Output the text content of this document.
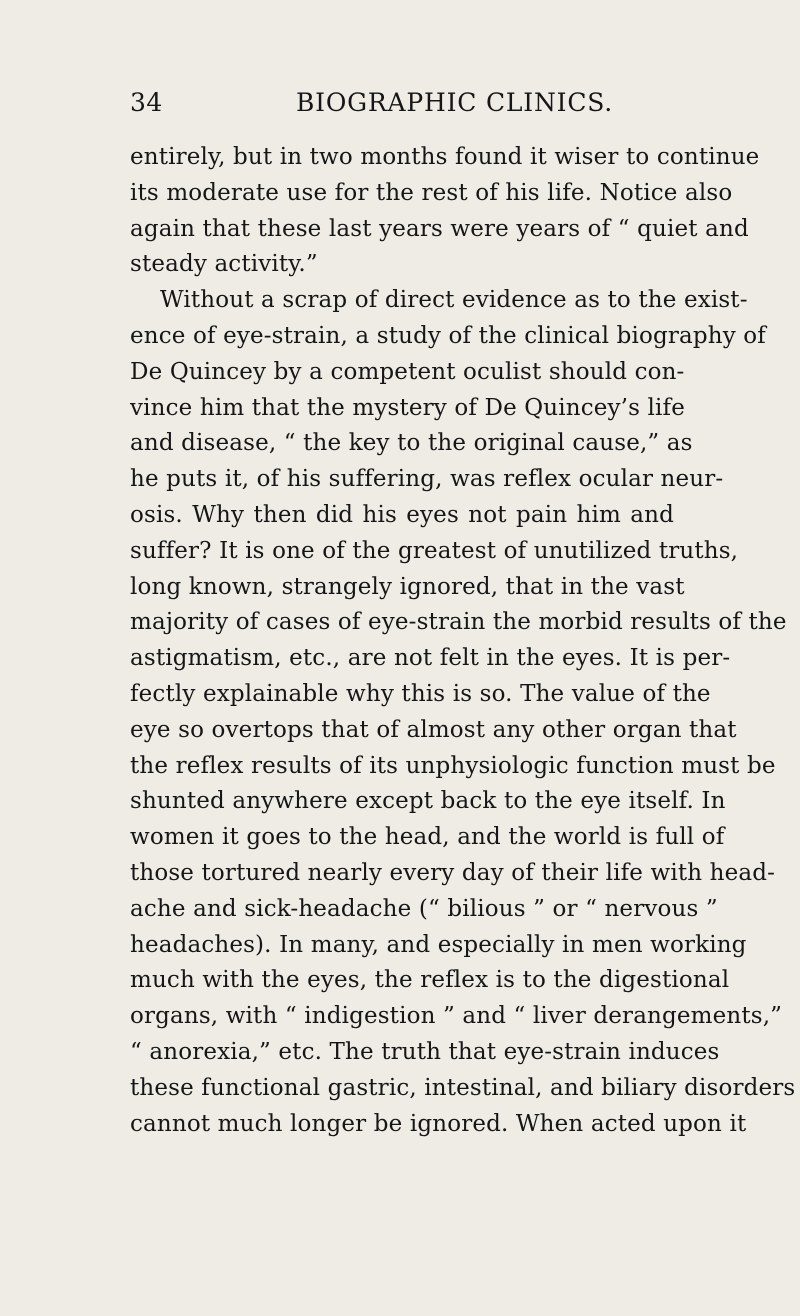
34	BIOGRAPHIC CLINICS.
entirely, but in two months found it wiser to continue
its moderate use for the rest of his life. Notice also
again that these last years were years of “ quiet and
steady activity.”
Without a scrap of direct evidence as to the exist-
ence of eye-strain, a study of the clinical biography of
De Quincey by a competent oculist should con-
vince him that the mystery of De Quincey’s life
and disease, “ the key to the original cause,” as
he puts it, of his suffering, was reflex ocular neur-
osis. Why then did his eyes not pain him and
suffer? It is one of the greatest of unutilized truths,
long known, strangely ignored, that in the vast
majority of cases of eye-strain the morbid results of the
astigmatism, etc., are not felt in the eyes. It is per-
fectly explainable why this is so. The value of the
eye so overtops that of almost any other organ that
the reflex results of its unphysiologic function must be
shunted anywhere except back to the eye itself. In
women it goes to the head, and the world is full of
those tortured nearly every day of their life with head-
ache and sick-headache (“ bilious ” or “ nervous ”
headaches). In many, and especially in men working
much with the eyes, the reflex is to the digestional
organs, with “ indigestion ” and “ liver derangements,”
“ anorexia,” etc. The truth that eye-strain induces
these functional gastric, intestinal, and biliary disorders
cannot much longer be ignored. When acted upon it
